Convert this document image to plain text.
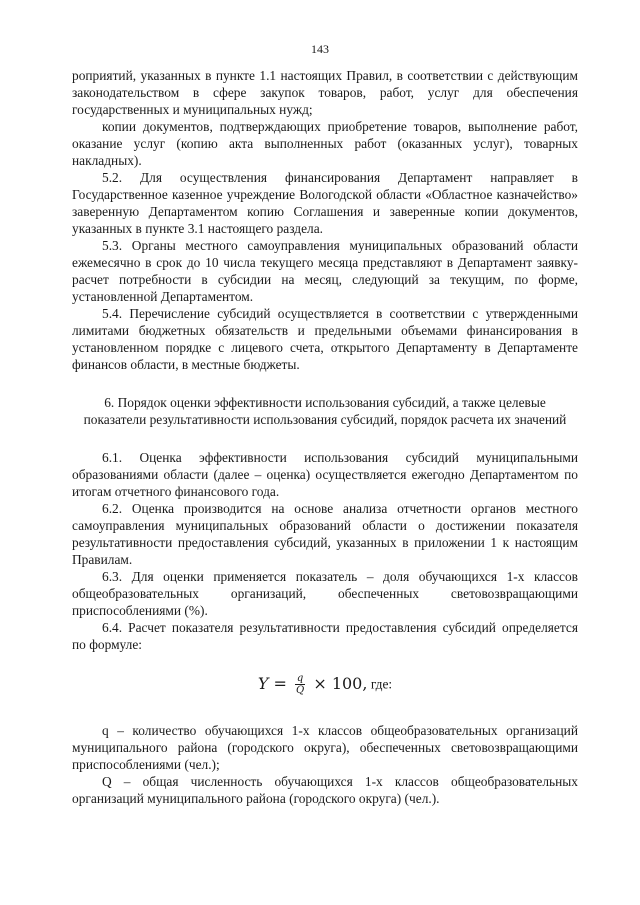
143

роприятий, указанных в пункте 1.1 настоящих Правил, в соответствии с действующим законодательством в сфере закупок товаров, работ, услуг для обеспечения государственных и муниципальных нужд;

копии документов, подтверждающих приобретение товаров, выполнение работ, оказание услуг (копию акта выполненных работ (оказанных услуг), товарных накладных).

5.2. Для осуществления финансирования Департамент направляет в Государственное казенное учреждение Вологодской области «Областное казначейство» заверенную Департаментом копию Соглашения и заверенные копии документов, указанных в пункте 3.1 настоящего раздела.

5.3. Органы местного самоуправления муниципальных образований области ежемесячно в срок до 10 числа текущего месяца представляют в Департамент заявку-расчет потребности в субсидии на месяц, следующий за текущим, по форме, установленной Департаментом.

5.4. Перечисление субсидий осуществляется в соответствии с утвержденными лимитами бюджетных обязательств и предельными объемами финансирования в установленном порядке с лицевого счета, открытого Департаменту в Департаменте финансов области, в местные бюджеты.

6. Порядок оценки эффективности использования субсидий, а также целевые
показатели результативности использования субсидий, порядок расчета их значений

6.1. Оценка эффективности использования субсидий муниципальными образованиями области (далее – оценка) осуществляется ежегодно Департаментом по итогам отчетного финансового года.

6.2. Оценка производится на основе анализа отчетности органов местного самоуправления муниципальных образований области о достижении показателя результативности предоставления субсидий, указанных в приложении 1 к настоящим Правилам.

6.3. Для оценки применяется показатель – доля обучающихся 1-х классов общеобразовательных организаций, обеспеченных световозвращающими приспособлениями (%).

6.4. Расчет показателя результативности предоставления субсидий определяется по формуле:

$Y = \frac{q}{Q} \times 100$, где:

q – количество обучающихся 1-х классов общеобразовательных организаций муниципального района (городского округа), обеспеченных световозвращающими приспособлениями (чел.);

Q – общая численность обучающихся 1-х классов общеобразовательных организаций муниципального района (городского округа) (чел.).
